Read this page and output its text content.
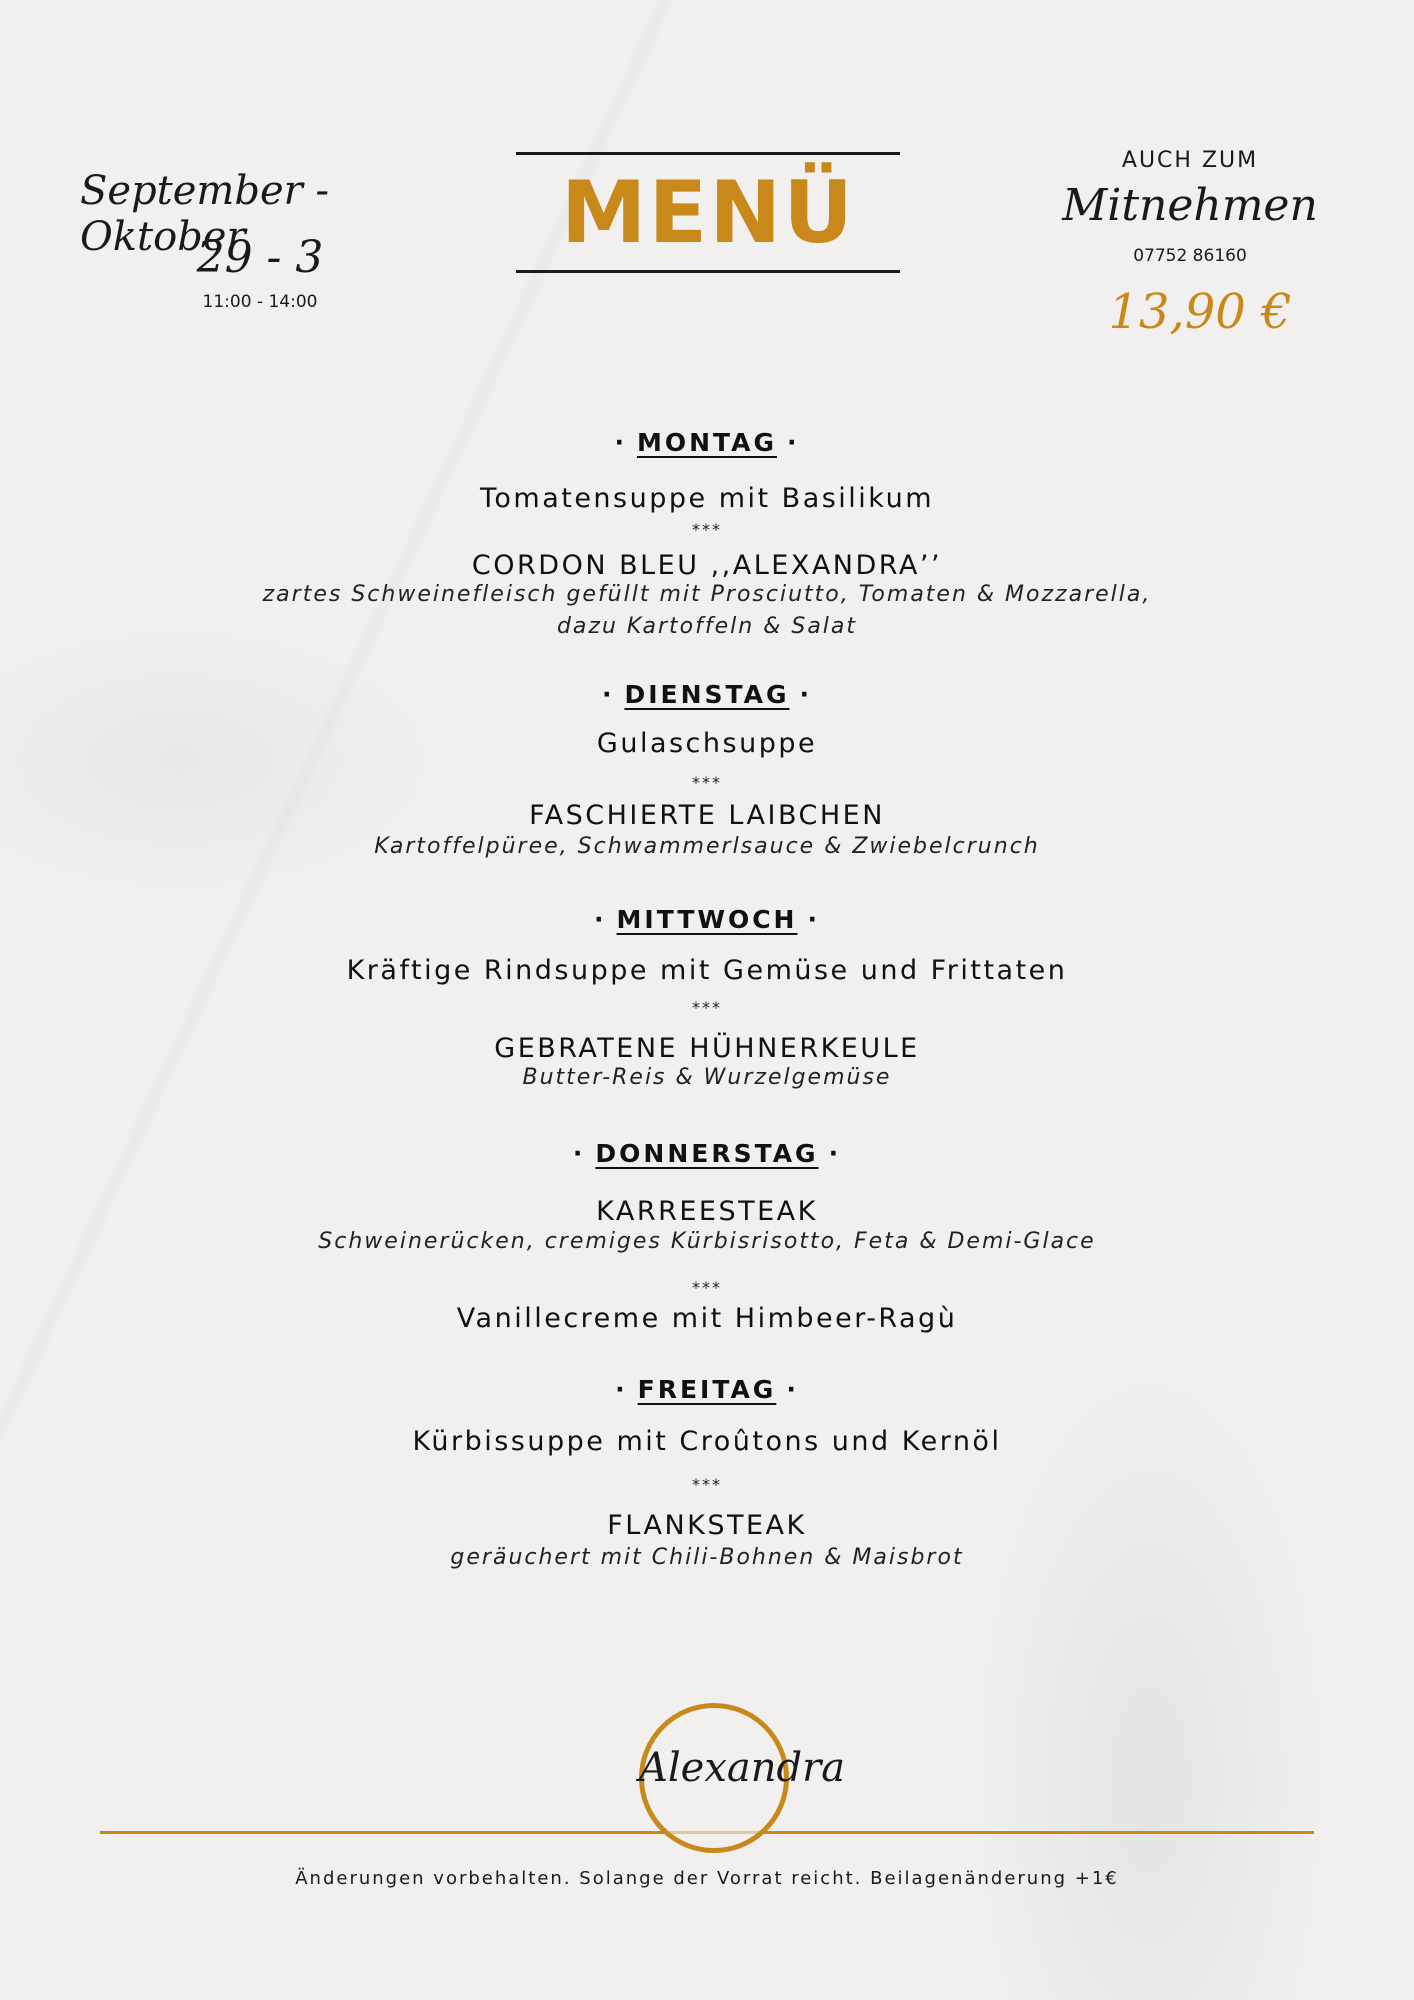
September -Oktober
29 - 3
11:00 - 14:00
MENÜ
AUCH ZUM
Mitnehmen
07752 86160
13,90 €

· MONTAG ·

Tomatensuppe mit Basilikum

***

CORDON BLEU ,,ALEXANDRA’’

zartes Schweinefleisch gefüllt mit Prosciutto, Tomaten & Mozzarella,

dazu Kartoffeln & Salat

· DIENSTAG ·

Gulaschsuppe

***

FASCHIERTE LAIBCHEN

Kartoffelpüree, Schwammerlsauce & Zwiebelcrunch

· MITTWOCH ·

Kräftige Rindsuppe mit Gemüse und Frittaten

***

GEBRATENE HÜHNERKEULE

Butter-Reis & Wurzelgemüse

· DONNERSTAG ·

KARREESTEAK

Schweinerücken, cremiges Kürbisrisotto, Feta & Demi-Glace

***

Vanillecreme mit Himbeer-Ragù

· FREITAG ·

Kürbissuppe mit Croûtons und Kernöl

***

FLANKSTEAK

geräuchert mit Chili-Bohnen & Maisbrot

Alexandra
Änderungen vorbehalten. Solange der Vorrat reicht. Beilagenänderung +1€
